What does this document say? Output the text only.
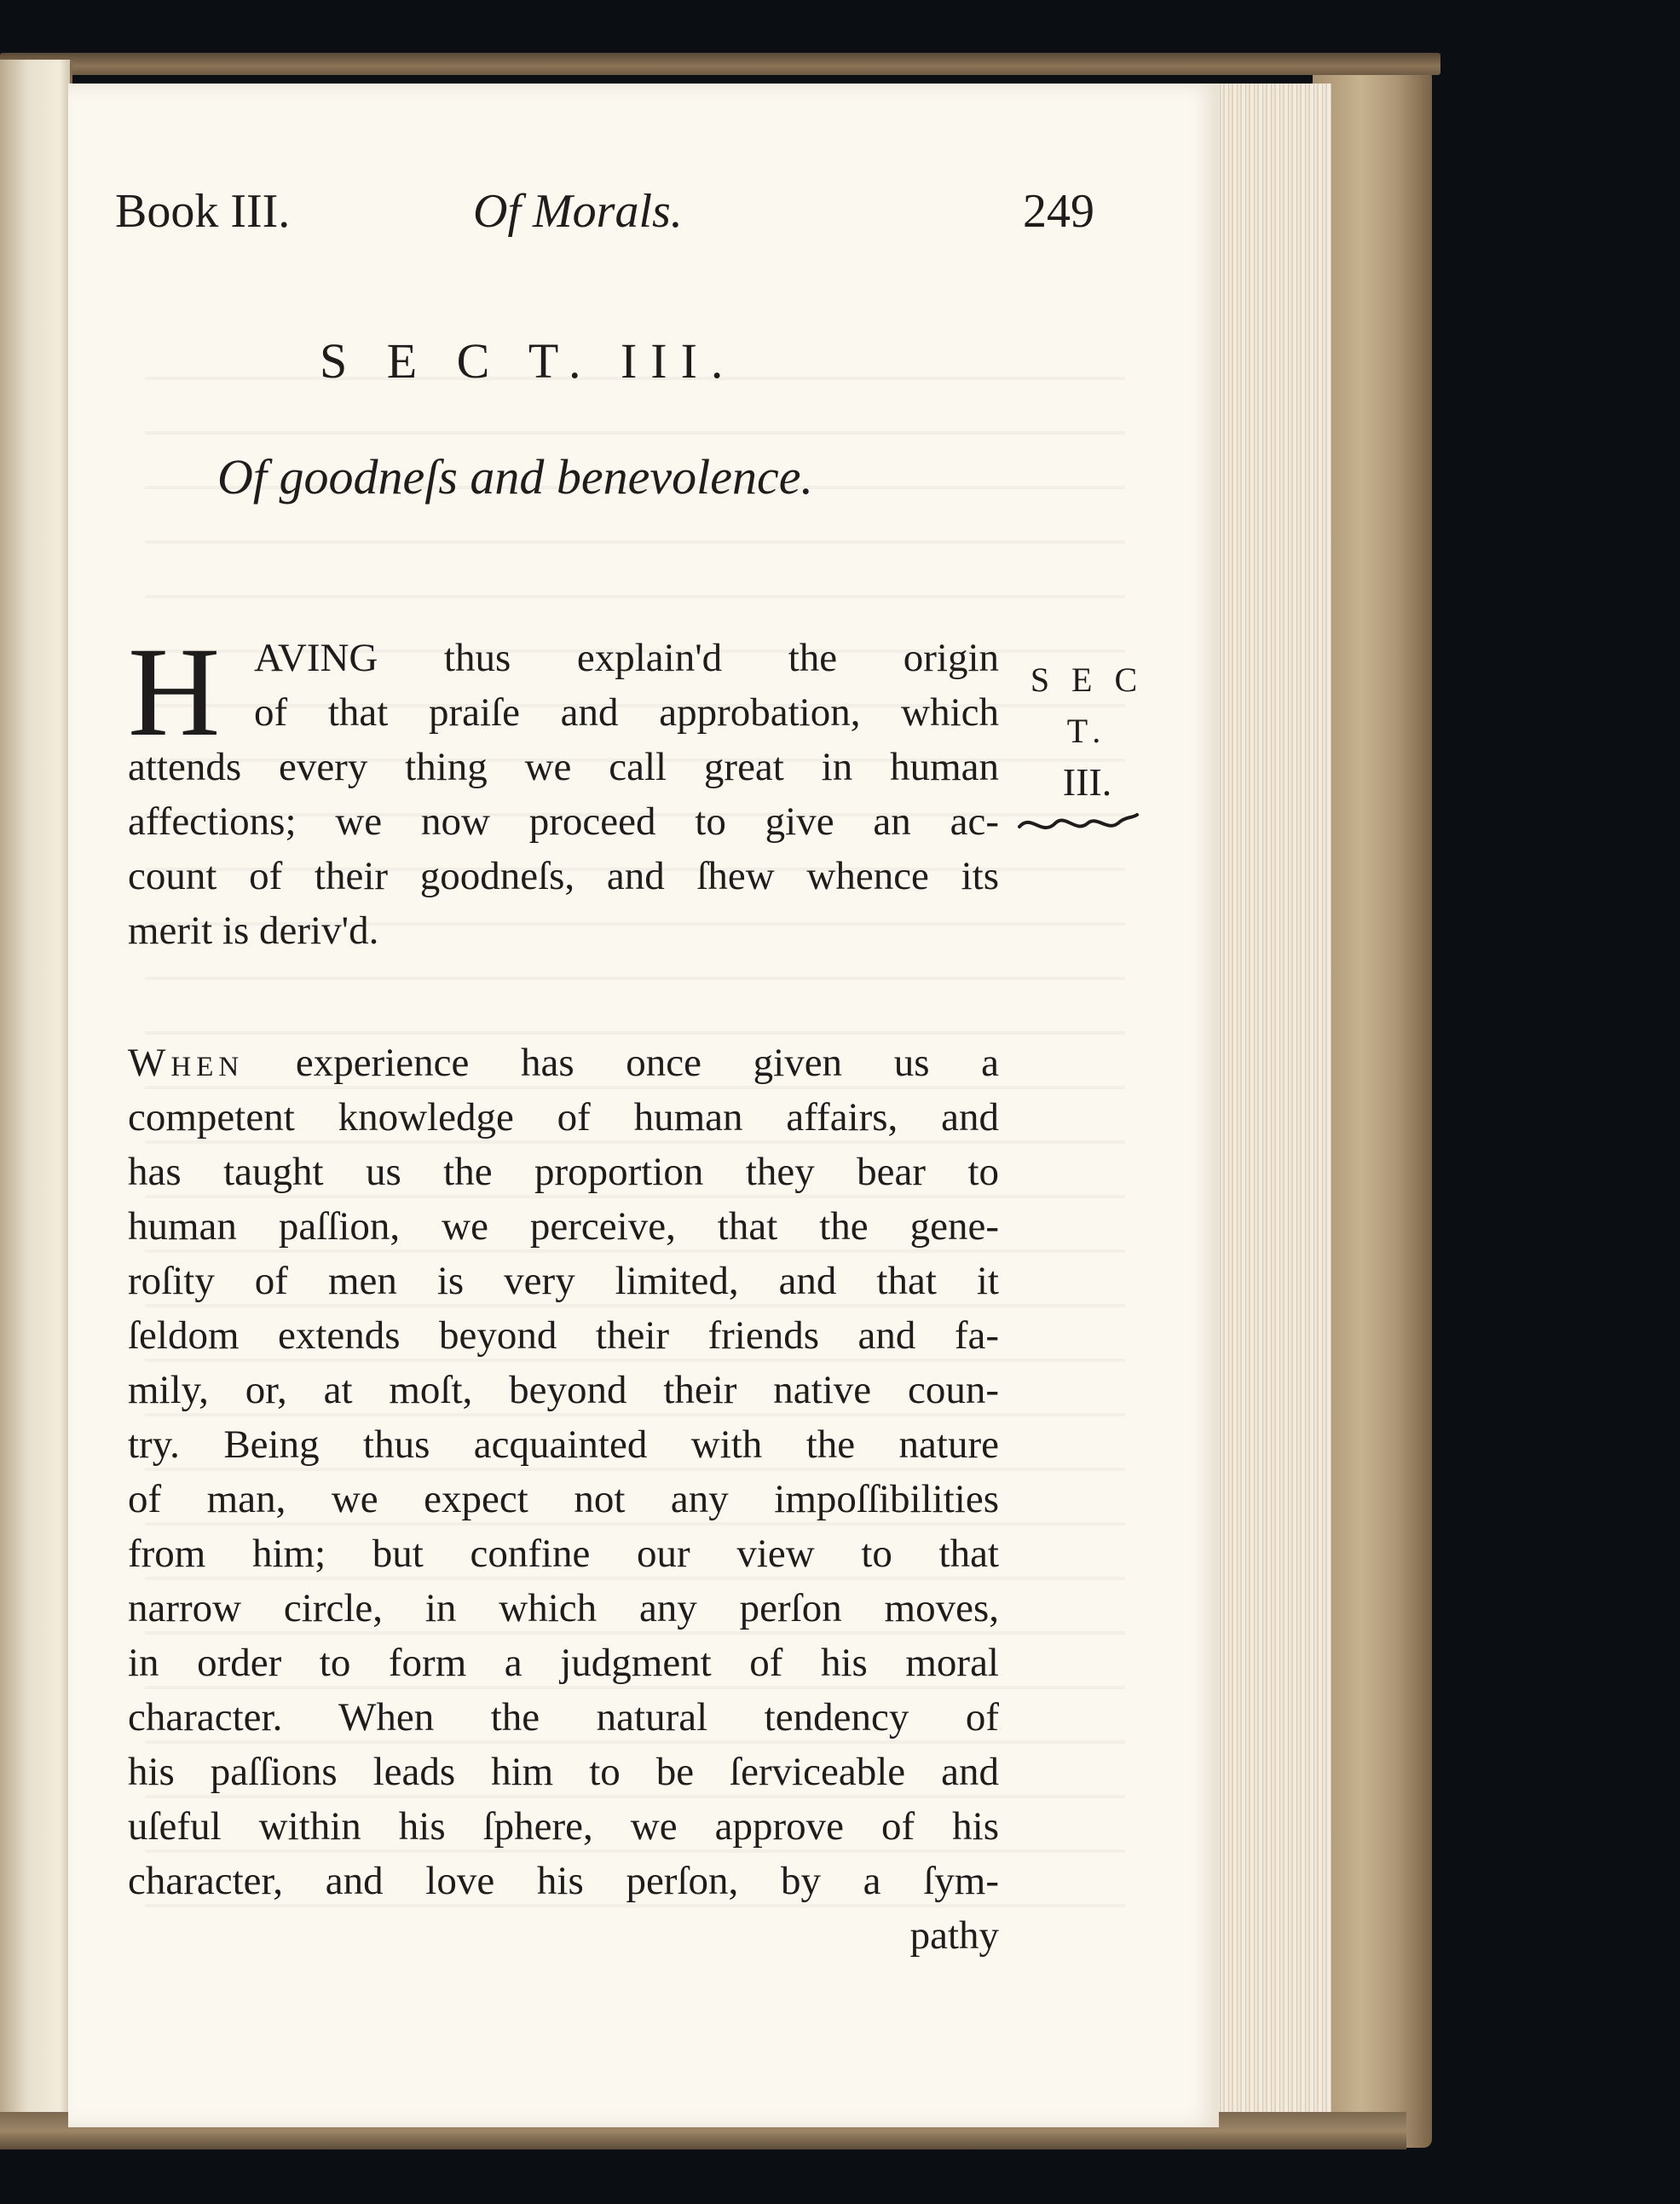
Book III.	Of Morals.	249
S E C T. III.
Of goodneſs and benevolence.
H AVING thus explain'd the origin
of that praiſe and approbation, which
attends every thing we call great in human
affections; we now proceed to give an ac-
count of their goodneſs, and ſhew whence its
merit is deriv'd.
S E C T.
III.
When experience has once given us a
competent knowledge of human affairs, and
has taught us the proportion they bear to
human paſſion, we perceive, that the gene-
roſity of men is very limited, and that it
ſeldom extends beyond their friends and fa-
mily, or, at moſt, beyond their native coun-
try. Being thus acquainted with the nature
of man, we expect not any impoſſibilities
from him; but confine our view to that
narrow circle, in which any perſon moves,
in order to form a judgment of his moral
character. When the natural tendency of
his paſſions leads him to be ſerviceable and
uſeful within his ſphere, we approve of his
character, and love his perſon, by a ſym-
pathy
